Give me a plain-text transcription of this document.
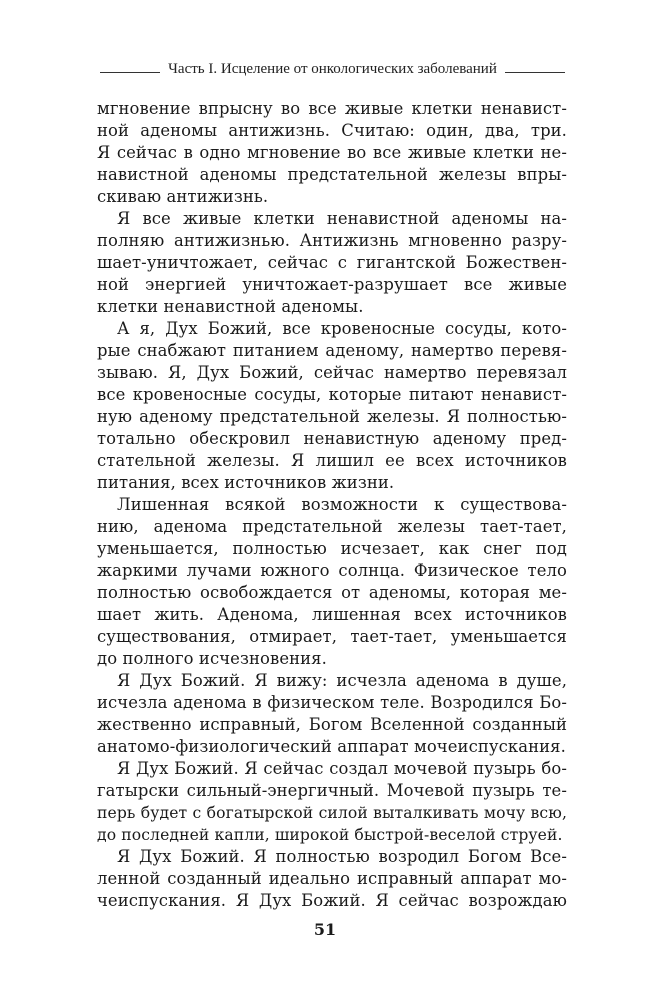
Часть I. Исцеление от онкологических заболеваний
мгновение впрысну во все живые клетки ненавист-
ной аденомы антижизнь. Считаю: один, два, три.
Я сейчас в одно мгновение во все живые клетки не-
навистной аденомы предстательной железы впры-
скиваю антижизнь.
Я все живые клетки ненавистной аденомы на-
полняю антижизнью. Антижизнь мгновенно разру-
шает-уничтожает, сейчас с гигантской Божествен-
ной энергией уничтожает-разрушает все живые
клетки ненавистной аденомы.
А я, Дух Божий, все кровеносные сосуды, кото-
рые снабжают питанием аденому, намертво перевя-
зываю. Я, Дух Божий, сейчас намертво перевязал
все кровеносные сосуды, которые питают ненавист-
ную аденому предстательной железы. Я полностью-
тотально обескровил ненавистную аденому пред-
стательной железы. Я лишил ее всех источников
питания, всех источников жизни.
Лишенная всякой возможности к существова-
нию, аденома предстательной железы тает-тает,
уменьшается, полностью исчезает, как снег под
жаркими лучами южного солнца. Физическое тело
полностью освобождается от аденомы, которая ме-
шает жить. Аденома, лишенная всех источников
существования, отмирает, тает-тает, уменьшается
до полного исчезновения.
Я Дух Божий. Я вижу: исчезла аденома в душе,
исчезла аденома в физическом теле. Возродился Бо-
жественно исправный, Богом Вселенной созданный
анатомо-физиологический аппарат мочеиспускания.
Я Дух Божий. Я сейчас создал мочевой пузырь бо-
гатырски сильный-энергичный. Мочевой пузырь те-
перь будет с богатырской силой выталкивать мочу всю,
до последней капли, широкой быстрой-веселой струей.
Я Дух Божий. Я полностью возродил Богом Все-
ленной созданный идеально исправный аппарат мо-
чеиспускания. Я Дух Божий. Я сейчас возрождаю
51
